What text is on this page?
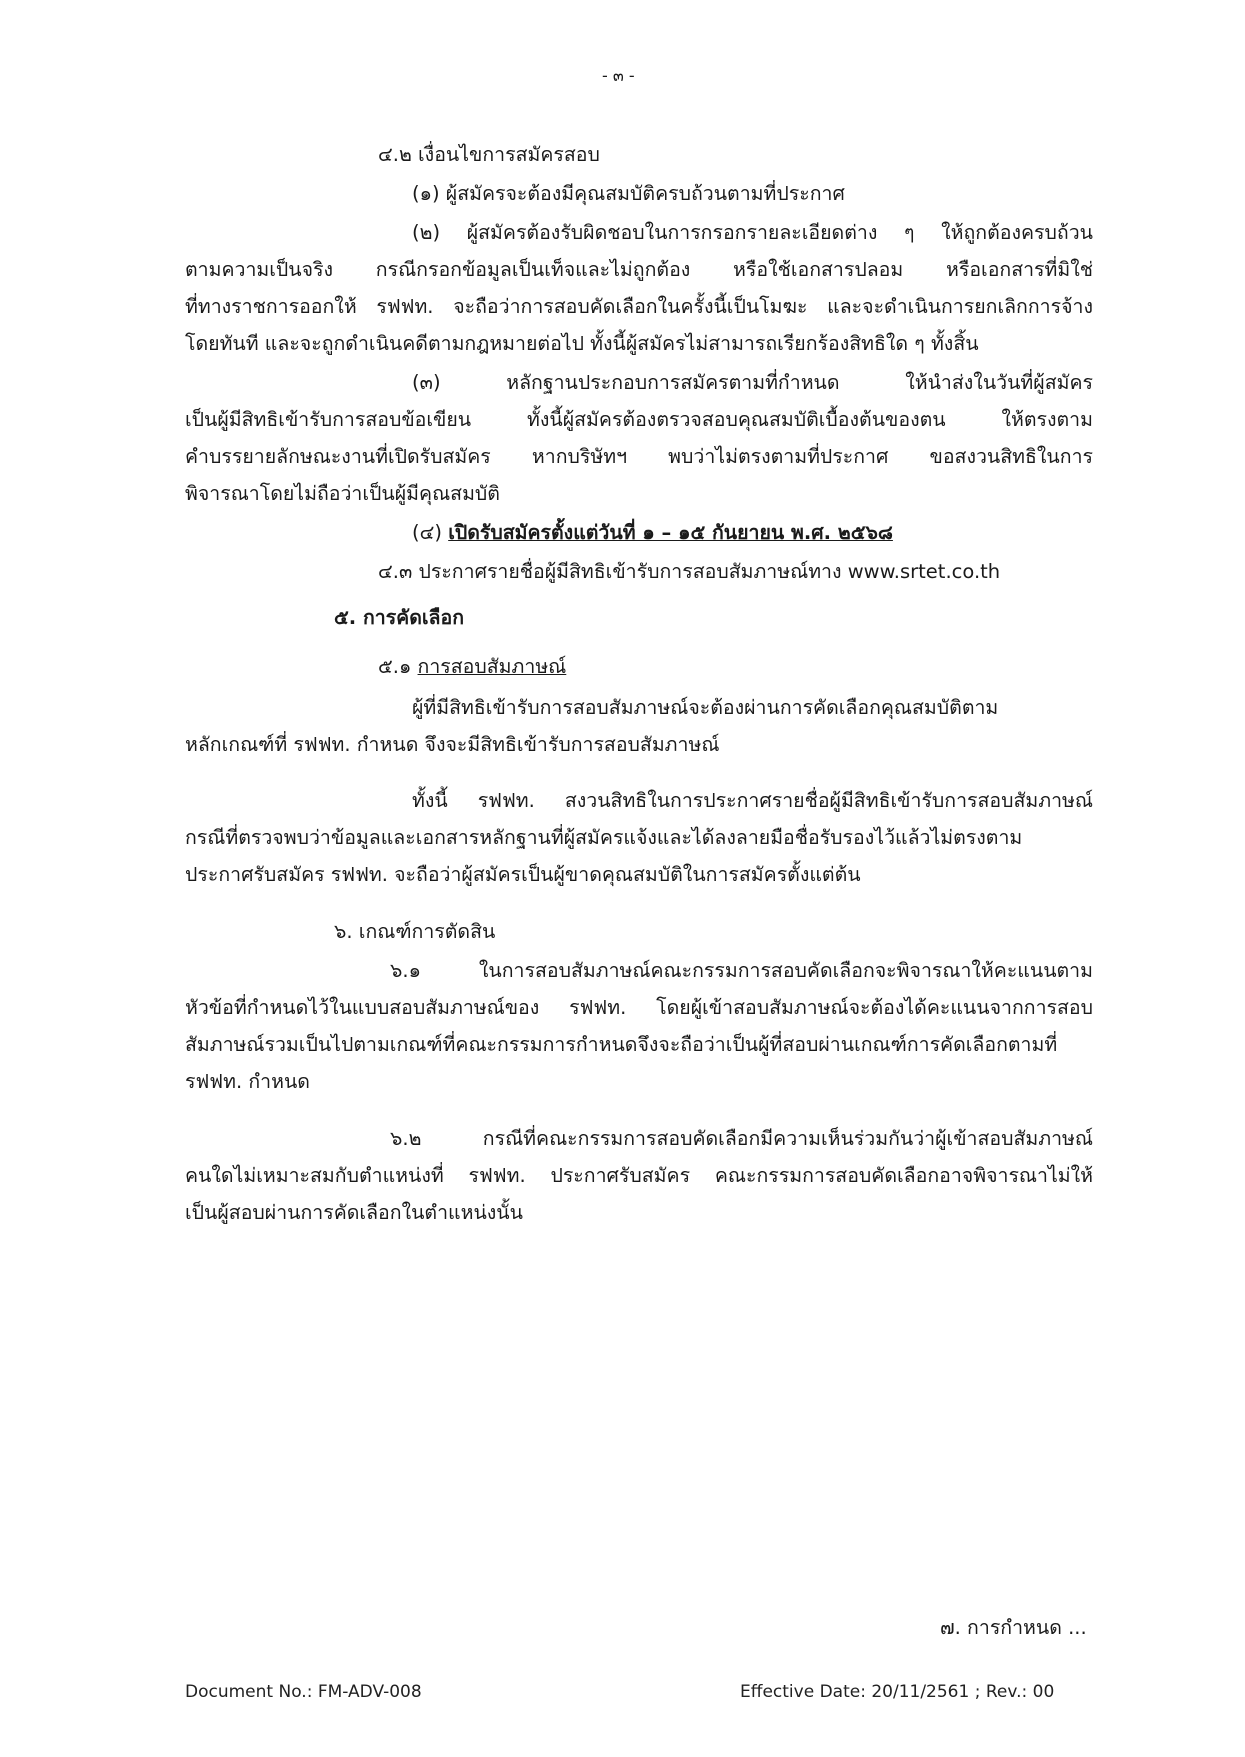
- ๓ -
๔.๒ เงื่อนไขการสมัครสอบ
(๑) ผู้สมัครจะต้องมีคุณสมบัติครบถ้วนตามที่ประกาศ
(๒) ผู้สมัครต้องรับผิดชอบในการกรอกรายละเอียดต่าง ๆ ให้ถูกต้องครบถ้วน
ตามความเป็นจริง กรณีกรอกข้อมูลเป็นเท็จและไม่ถูกต้อง หรือใช้เอกสารปลอม หรือเอกสารที่มิใช่
ที่ทางราชการออกให้ รฟฟท. จะถือว่าการสอบคัดเลือกในครั้งนี้เป็นโมฆะ และจะดำเนินการยกเลิกการจ้าง
โดยทันที และจะถูกดำเนินคดีตามกฎหมายต่อไป ทั้งนี้ผู้สมัครไม่สามารถเรียกร้องสิทธิใด ๆ ทั้งสิ้น
(๓) หลักฐานประกอบการสมัครตามที่กำหนด ให้นำส่งในวันที่ผู้สมัคร
เป็นผู้มีสิทธิเข้ารับการสอบข้อเขียน ทั้งนี้ผู้สมัครต้องตรวจสอบคุณสมบัติเบื้องต้นของตน ให้ตรงตาม
คำบรรยายลักษณะงานที่เปิดรับสมัคร หากบริษัทฯ พบว่าไม่ตรงตามที่ประกาศ ขอสงวนสิทธิในการ
พิจารณาโดยไม่ถือว่าเป็นผู้มีคุณสมบัติ
(๔) เปิดรับสมัครตั้งแต่วันที่ ๑ – ๑๕ กันยายน พ.ศ. ๒๕๖๘
๔.๓ ประกาศรายชื่อผู้มีสิทธิเข้ารับการสอบสัมภาษณ์ทาง www.srtet.co.th
๕. การคัดเลือก
๕.๑ การสอบสัมภาษณ์
ผู้ที่มีสิทธิเข้ารับการสอบสัมภาษณ์จะต้องผ่านการคัดเลือกคุณสมบัติตาม
หลักเกณฑ์ที่ รฟฟท. กำหนด จึงจะมีสิทธิเข้ารับการสอบสัมภาษณ์
ทั้งนี้ รฟฟท. สงวนสิทธิในการประกาศรายชื่อผู้มีสิทธิเข้ารับการสอบสัมภาษณ์
กรณีที่ตรวจพบว่าข้อมูลและเอกสารหลักฐานที่ผู้สมัครแจ้งและได้ลงลายมือชื่อรับรองไว้แล้วไม่ตรงตาม
ประกาศรับสมัคร รฟฟท. จะถือว่าผู้สมัครเป็นผู้ขาดคุณสมบัติในการสมัครตั้งแต่ต้น
๖. เกณฑ์การตัดสิน
๖.๑ ในการสอบสัมภาษณ์คณะกรรมการสอบคัดเลือกจะพิจารณาให้คะแนนตาม
หัวข้อที่กำหนดไว้ในแบบสอบสัมภาษณ์ของ รฟฟท. โดยผู้เข้าสอบสัมภาษณ์จะต้องได้คะแนนจากการสอบ
สัมภาษณ์รวมเป็นไปตามเกณฑ์ที่คณะกรรมการกำหนดจึงจะถือว่าเป็นผู้ที่สอบผ่านเกณฑ์การคัดเลือกตามที่
รฟฟท. กำหนด
๖.๒ กรณีที่คณะกรรมการสอบคัดเลือกมีความเห็นร่วมกันว่าผู้เข้าสอบสัมภาษณ์
คนใดไม่เหมาะสมกับตำแหน่งที่ รฟฟท. ประกาศรับสมัคร คณะกรรมการสอบคัดเลือกอาจพิจารณาไม่ให้
เป็นผู้สอบผ่านการคัดเลือกในตำแหน่งนั้น
๗. การกำหนด ...
Document No.: FM-ADV-008	Effective Date: 20/11/2561 ; Rev.: 00
